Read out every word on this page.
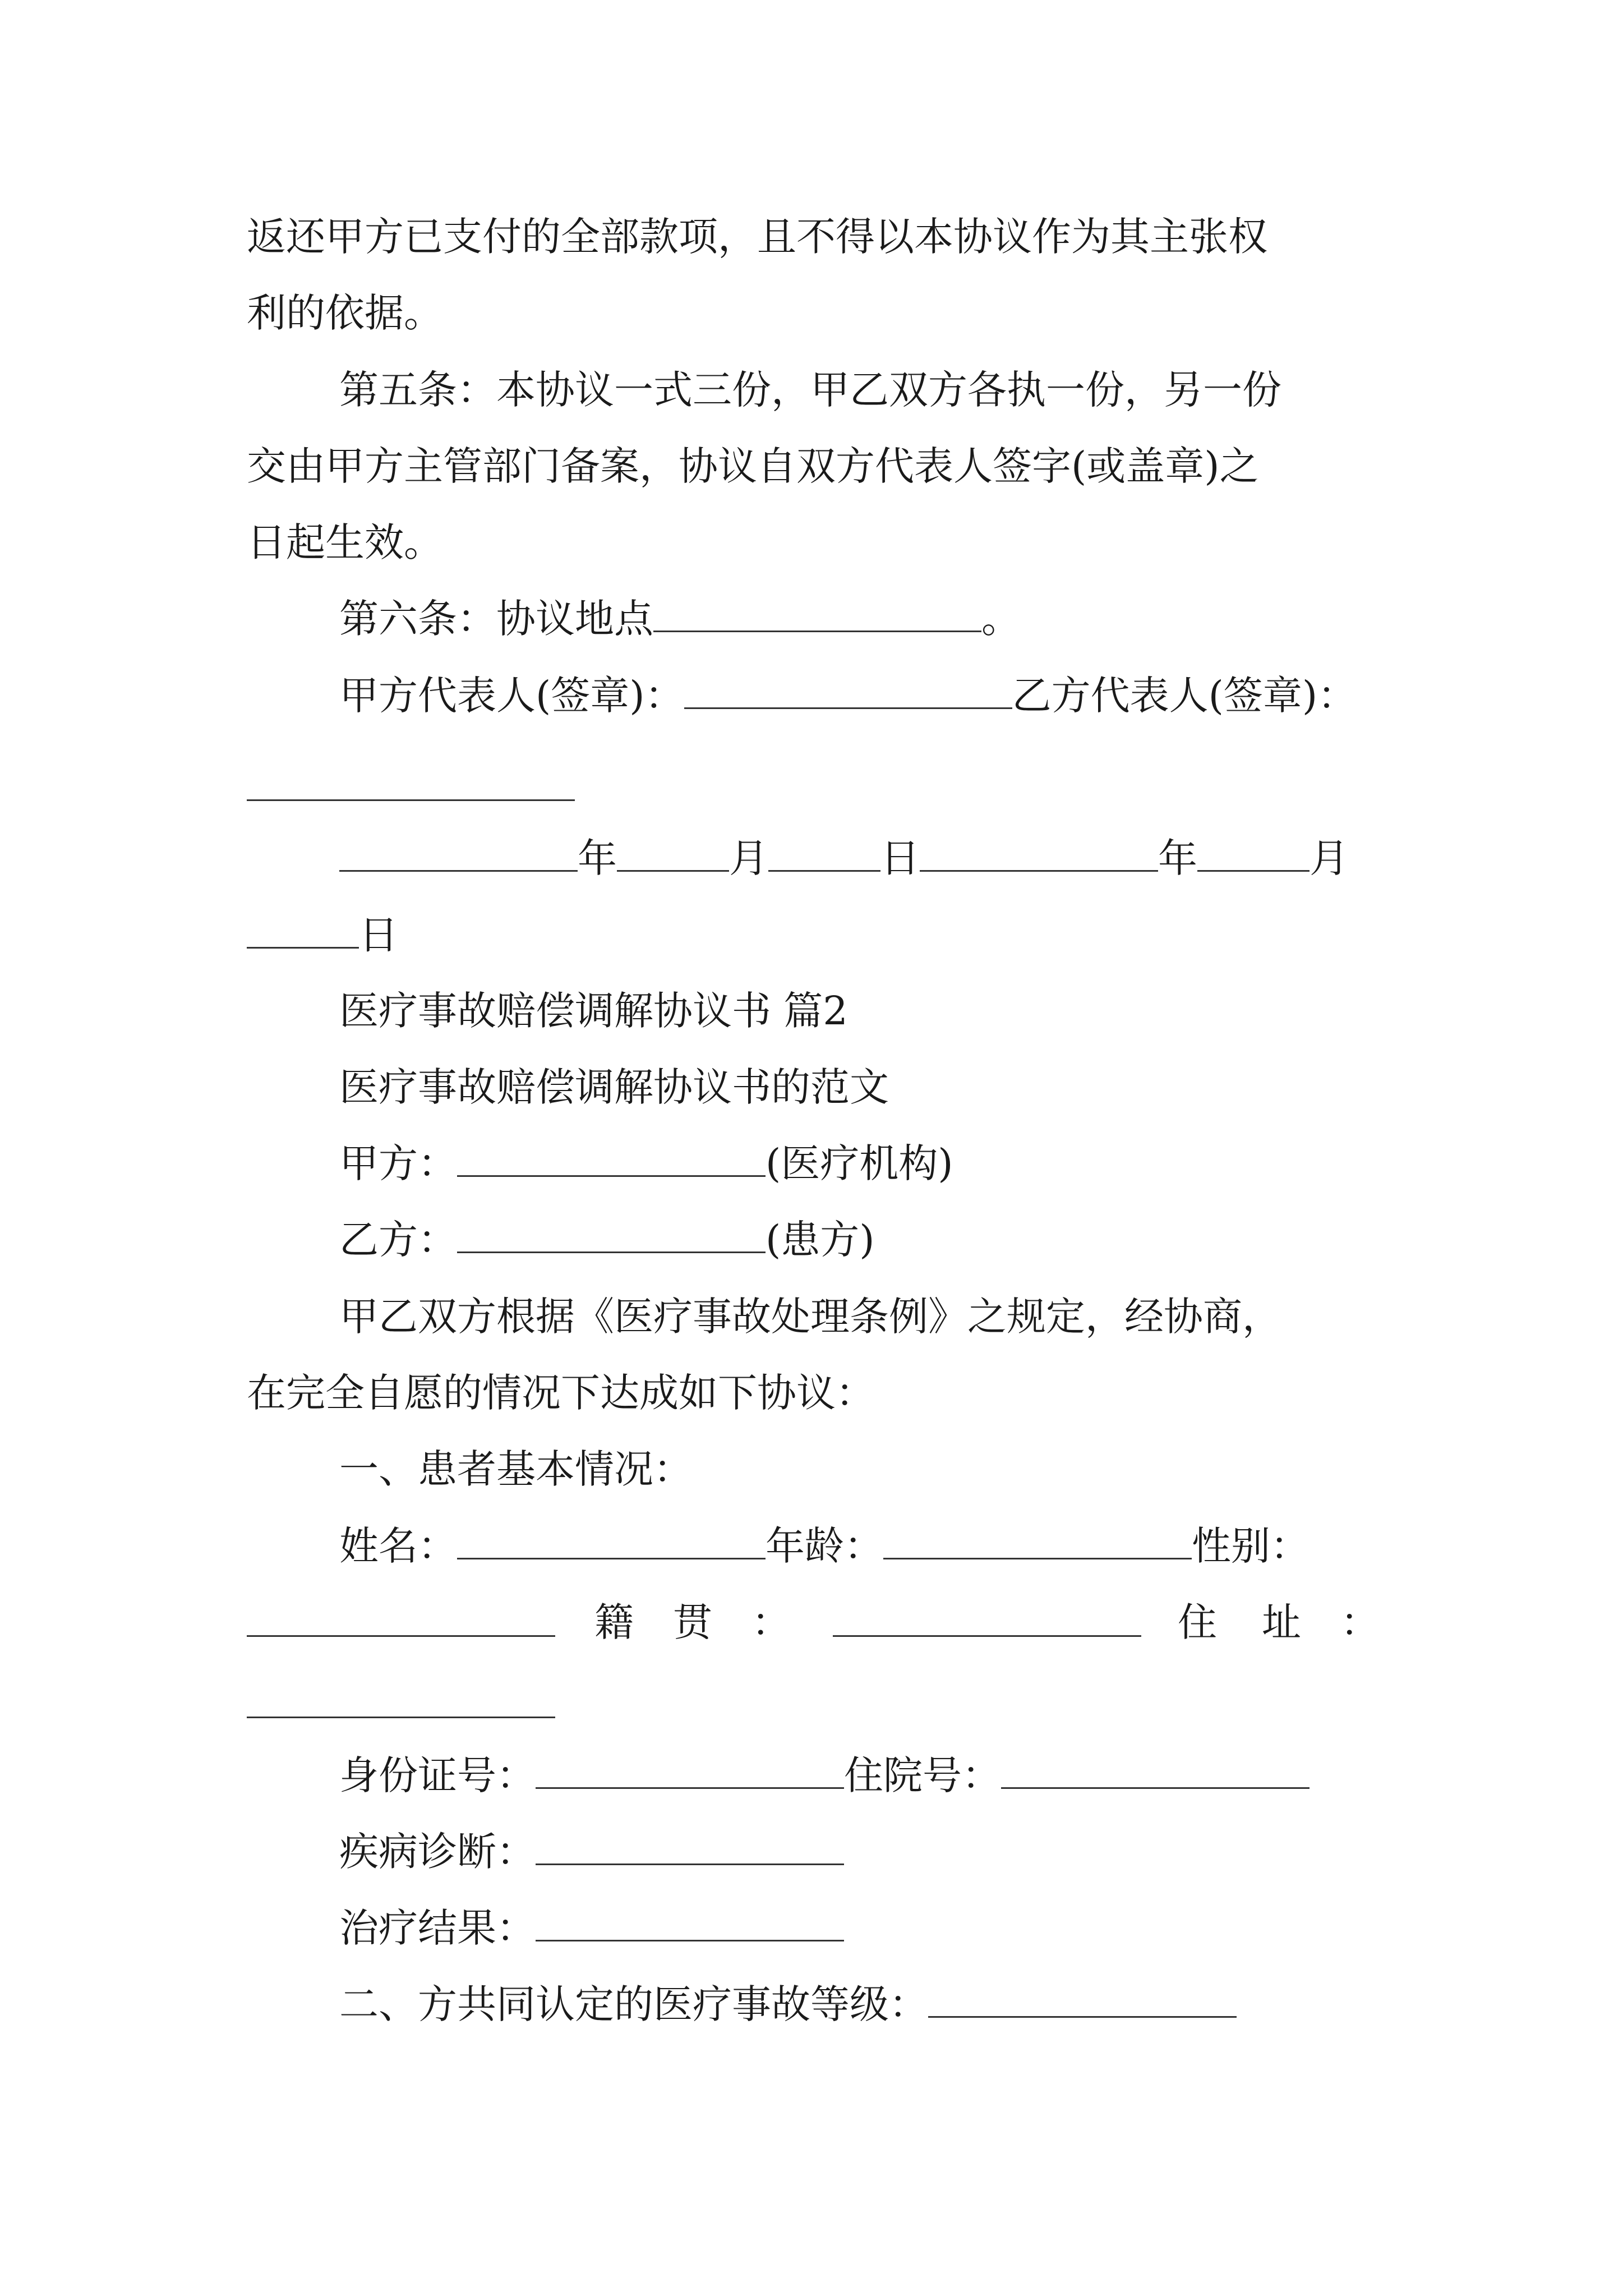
返还甲方已支付的全部款项，且不得以本协议作为其主张权
利的依据。
第五条：本协议一式三份，甲乙双方各执一份，另一份
交由甲方主管部门备案，协议自双方代表人签字(或盖章)之
日起生效。
第六条：协议地点	。
甲方代表人(签章)：	乙方代表人(签章)：
年	月	日	年	月
日
医疗事故赔偿调解协议书 篇2
医疗事故赔偿调解协议书的范文
甲方：	(医疗机构)
乙方：	(患方)
甲乙双方根据《医疗事故处理条例》之规定，经协商，
在完全自愿的情况下达成如下协议：
一、患者基本情况：
姓名：	年龄：	性别：
籍 贯 ：	住 址 ：
身份证号：	住院号：
疾病诊断：
治疗结果：
二、方共同认定的医疗事故等级：
